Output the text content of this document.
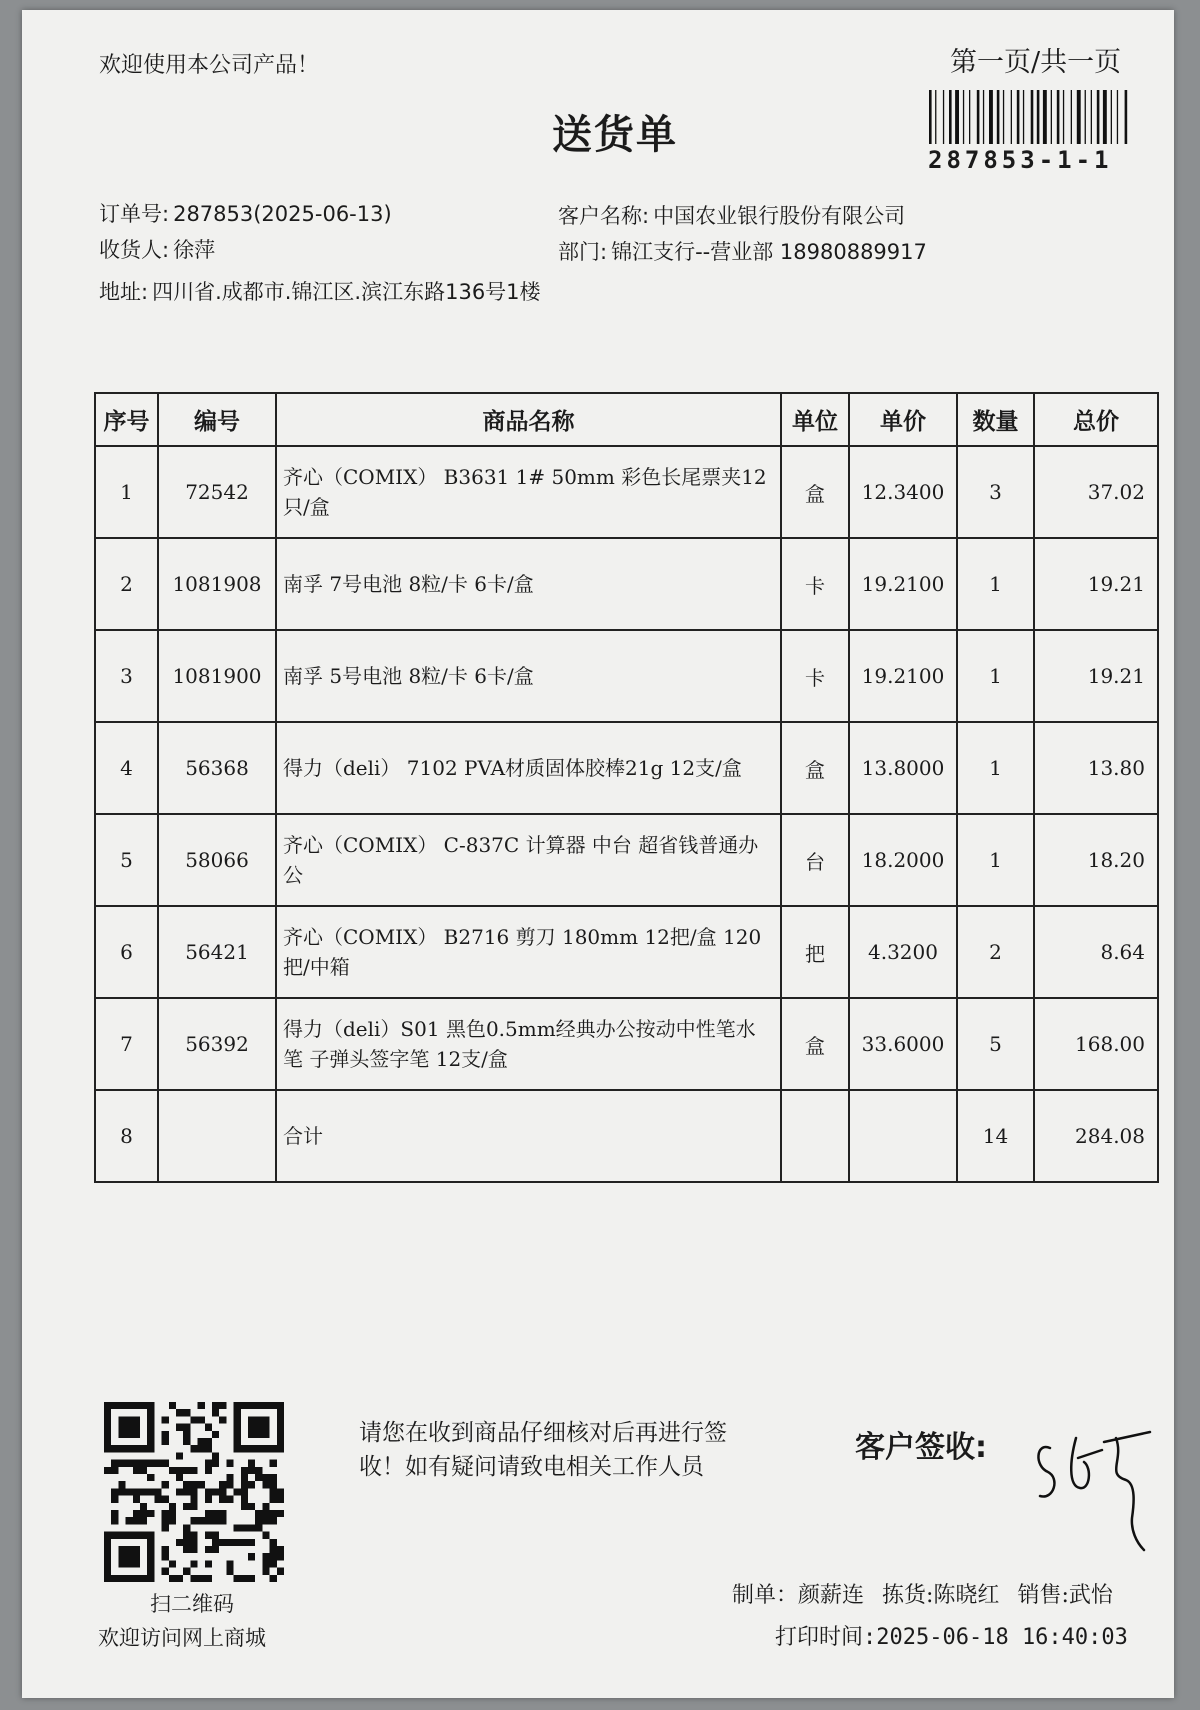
欢迎使用本公司产品！	第一页/共一页
送货单
287853-1-1
订单号: 287853(2025-06-13)	客户名称: 中国农业银行股份有限公司
收货人: 徐萍	部门: 锦江支行--营业部 18980889917
地址: 四川省.成都市.锦江区.滨江东路136号1楼
序号	编号	商品名称	单位	单价	数量	总价
1	72542	齐心（COMIX） B3631 1# 50mm 彩色长尾票夹12只/盒	盒	12.3400	3	37.02
2	1081908	南孚 7号电池 8粒/卡 6卡/盒	卡	19.2100	1	19.21
3	1081900	南孚 5号电池 8粒/卡 6卡/盒	卡	19.2100	1	19.21
4	56368	得力（deli） 7102 PVA材质固体胶棒21g 12支/盒	盒	13.8000	1	13.80
5	58066	齐心（COMIX） C-837C 计算器 中台 超省钱普通办公	台	18.2000	1	18.20
6	56421	齐心（COMIX） B2716 剪刀 180mm 12把/盒 120把/中箱	把	4.3200	2	8.64
7	56392	得力（deli）S01 黑色0.5mm经典办公按动中性笔水笔 子弹头签字笔 12支/盒	盒	33.6000	5	168.00
8		合计			14	284.08
扫二维码
欢迎访问网上商城
请您在收到商品仔细核对后再进行签收！如有疑问请致电相关工作人员
客户签收:
制单：颜薪连 拣货:陈晓红 销售:武怡
打印时间:2025-06-18 16:40:03
